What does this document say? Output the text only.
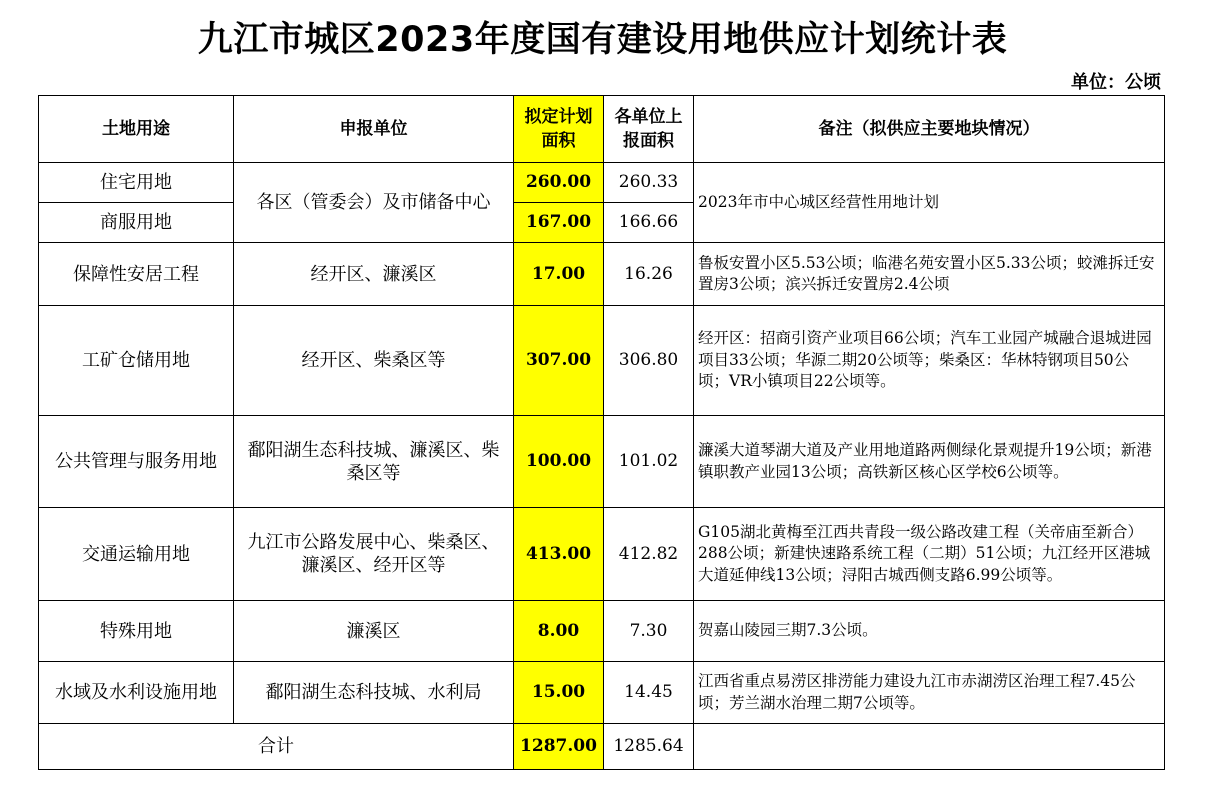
九江市城区2023年度国有建设用地供应计划统计表
单位：公顷
土地用途	申报单位	拟定计划面积	各单位上报面积	备注（拟供应主要地块情况）
住宅用地	各区（管委会）及市储备中心	260.00	260.33	2023年市中心城区经营性用地计划
商服用地		167.00	166.66	
保障性安居工程	经开区、濂溪区	17.00	16.26	鲁板安置小区5.53公顷；临港名苑安置小区5.33公顷；蛟滩拆迁安置房3公顷；滨兴拆迁安置房2.4公顷
工矿仓储用地	经开区、柴桑区等	307.00	306.80	经开区：招商引资产业项目66公顷；汽车工业园产城融合退城进园项目33公顷；华源二期20公顷等；柴桑区：华林特钢项目50公顷；VR小镇项目22公顷等。
公共管理与服务用地	鄱阳湖生态科技城、濂溪区、柴桑区等	100.00	101.02	濂溪大道琴湖大道及产业用地道路两侧绿化景观提升19公顷；新港镇职教产业园13公顷；高铁新区核心区学校6公顷等。
交通运输用地	九江市公路发展中心、柴桑区、濂溪区、经开区等	413.00	412.82	G105湖北黄梅至江西共青段一级公路改建工程（关帝庙至新合）288公顷；新建快速路系统工程（二期）51公顷；九江经开区港城大道延伸线13公顷；浔阳古城西侧支路6.99公顷等。
特殊用地	濂溪区	8.00	7.30	贺嘉山陵园三期7.3公顷。
水域及水利设施用地	鄱阳湖生态科技城、水利局	15.00	14.45	江西省重点易涝区排涝能力建设九江市赤湖涝区治理工程7.45公顷；芳兰湖水治理二期7公顷等。
合计		1287.00	1285.64	
